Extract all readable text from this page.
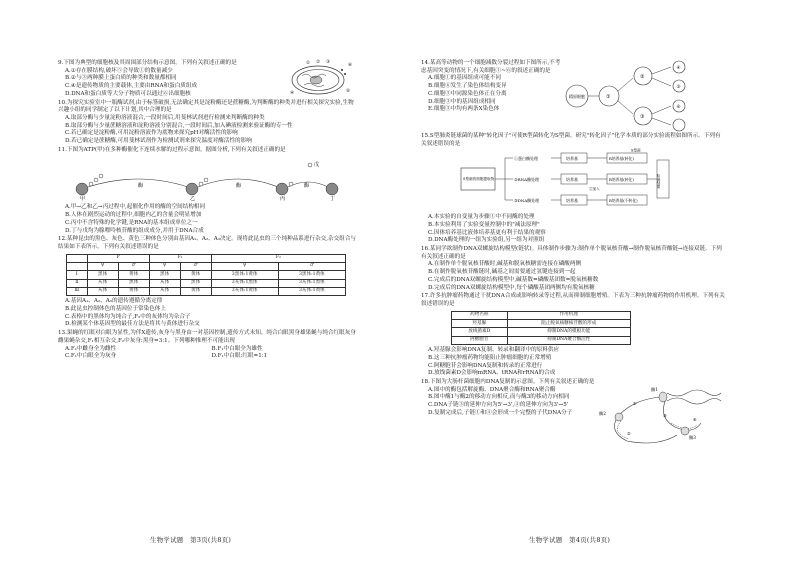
9.下图为典型的细胞核及其周围部分结构示意图。下列有关叙述正确的是
A.①存在膜结构,破坏⑤会导致①的数量减少
B.②与③两种膜上蛋白质的种类和数量都相同
C.④是遗传物质的主要载体,主要由RNA和蛋白质组成
D.DNA和蛋白质等大分子物质可以通过⑥出细胞核
① ② ③
④	⑤
⑥
10.为探究实验室中一瓶酶试剂,由于标签破损,无法确定其是淀粉酶还是蔗糖酶,为判断酶的种类并进行相关探究实验,生物兴趣小组的同学制定了以下计划,其中合理的是
A.取部分酶与少量淀粉溶液混合,一段时间后,用斐林试剂进行检测来判断酶的种类
B.取部分酶与少量蔗糖溶液和淀粉溶液分别混合,一段时间后,加入碘液检测来验证酶的专一性
C.若已确定是淀粉酶,可用淀粉溶液作为底物来探究pH对酶活性的影响
D.若已确定是蔗糖酶,可用斐林试剂作为检测试剂来探究温度对酶活性的影响
11.下图为ATP(甲)在多种酶催化下连续水解的过程示意图。据图分析,下列有关叙述正确的是
甲	乙	丙	丁
酶	酶	酶
戊
A.甲→乙和乙→丙过程中,起催化作用的酶的空间结构相同
B.人体在剧烈运动的过程中,细胞内乙的含量会明显增加
C.丙中不含特殊的化学键,是RNA的基本组成单位之一
D.丁与戊均为腺嘌呤核苷酸的组成成分,并用于DNA合成
12.某种昆虫的黑色、灰色、黄色三种体色分别由基因A₁、A₂、A₃决定。现将此昆虫的三个纯种品系进行杂交,杂交组合与结果如下表所示。下列有关叙述错误的是
	P		F₁		F₂	
	♀	♂	♀	♂	♀	♂
Ⅰ	黑体	黄体	黑体	黄体	3黑体:1黄体	3黑体:1黄体
Ⅱ	灰体	黑体	灰体	黑体	3灰体:1黑体	3灰体:1黑体
Ⅲ	灰体	黄体	灰体	黄体	3灰体:1黄体	3灰体:1黄体
A.基因A₁、A₂、A₃的遗传遵循分离定律
B.此昆虫控制体色的基因位于常染色体上
C.表格中的黑体均为纯合子,F₂中的灰体均为杂合子
D.检测某个体基因型的最佳方法是将其与黄体进行杂交
13.果蝇的红眼对白眼为显性,为伴X遗传,灰身与黑身由一对基因控制,遗传方式未知。纯合白眼黑身雄果蝇与纯合红眼灰身雌果蝇杂交,F₁相互杂交,F₂中灰身:黑身=3:1。下列哪种推理不可能出现
A.F₁中雌身全为雌性	B.F₁中白眼全为雄性
C.F₁中白眼全为灰身	D.F₁中白眼:红眼=1:1
生物学试题　第3页(共8页)
14.某高等动物的一个细胞减数分裂过程如下图所示,不考虑基因突变的情况下,有关细胞①~⑥的叙述正确的是
A.细胞①的基因组成可能不同
B.细胞⑥发生了染色体结构变异
C.细胞③中同源染色体正在分离
D.细胞③中的基因组成相同
E.细胞③中均有两条X染色体
精原细胞	①
②
③
④
⑤
⑥
15.S型肺炎链球菌的某种"转化因子"可使R型菌转化为S型菌。研究"转化因子"化学本质的部分实验流程如图所示。下列有关叙述错误的是
S型菌的细胞提取物
①蛋白酶处理
②RNA酶处理
③DNA酶处理
培养基
培养基
培养基
②加入
R培养基(转化)
R培养基(转化)
R培养基(不转化)
检测结果
S型菌
A.本实验的自变量为步骤①中不同酶的处理
B.本实验利用了实验变量控制中的"减法原理"
C.因体培养基比液体培养基更有利于结果的观察
D.DNA酶处理的一组为实验组,另一组为对照组
16.某同学欲制作DNA双螺旋结构模型(链状)。具体制作步骤为:制作单个脱氧核苷酸→制作脱氧核苷酸链→连接双链。下列有关叙述正确的是
A.在制作单个脱氧核苷酸时,碱基和脱氧核糖需连接在磷酸两侧
B.在制作脱氧核苷酸链时,碱基之间需要通过氢键连接到一起
C.完成后的DNA双螺旋结构模型中,碱基数=磷酸基团数=脱氧核糖数
D.完成后的DNA双螺旋结构模型中,每个磷酸基团两侧均有脱氧核糖
17.许多抗肿瘤药物通过干扰DNA合成或影响转录等过程,从而抑制细胞增殖。下表为三种抗肿瘤药物的作用机理。下列有关叙述错误的是
药物名称	作用机理
羟基脲	阻止脱氧核糖核苷酸的形成
放线菌素D	抑制DNA的模板功能
阿糖胞苷	抑制DNA聚合酶活性
A.羟基脲会影响DNA复制、转录和翻译中的原料供应
B.这三种抗肿瘤药物均能阻止肿瘤细胞的正常增殖
C.阿糖胞苷会影响DNA复制和转录的正常进行
D.放线菌素D会影响mRNA、tRNA和rRNA的合成
18.下图为大肠杆菌细胞内DNA复制的示意图。下列有关叙述正确的是
A.图中的酶包括解旋酶、DNA聚合酶和RNA聚合酶
B.图中酶1与酶2的移动方向相反,而与酶3的移动方向相同
C.DNA子链③的延伸方向为5'→3',④的延伸方向为3'→5'
D.复制完成后,子链①和④会形成一个完整的子代DNA分子
酶1
酶2
酶3
①
②
③
④
生物学试题　第4页(共8页)
